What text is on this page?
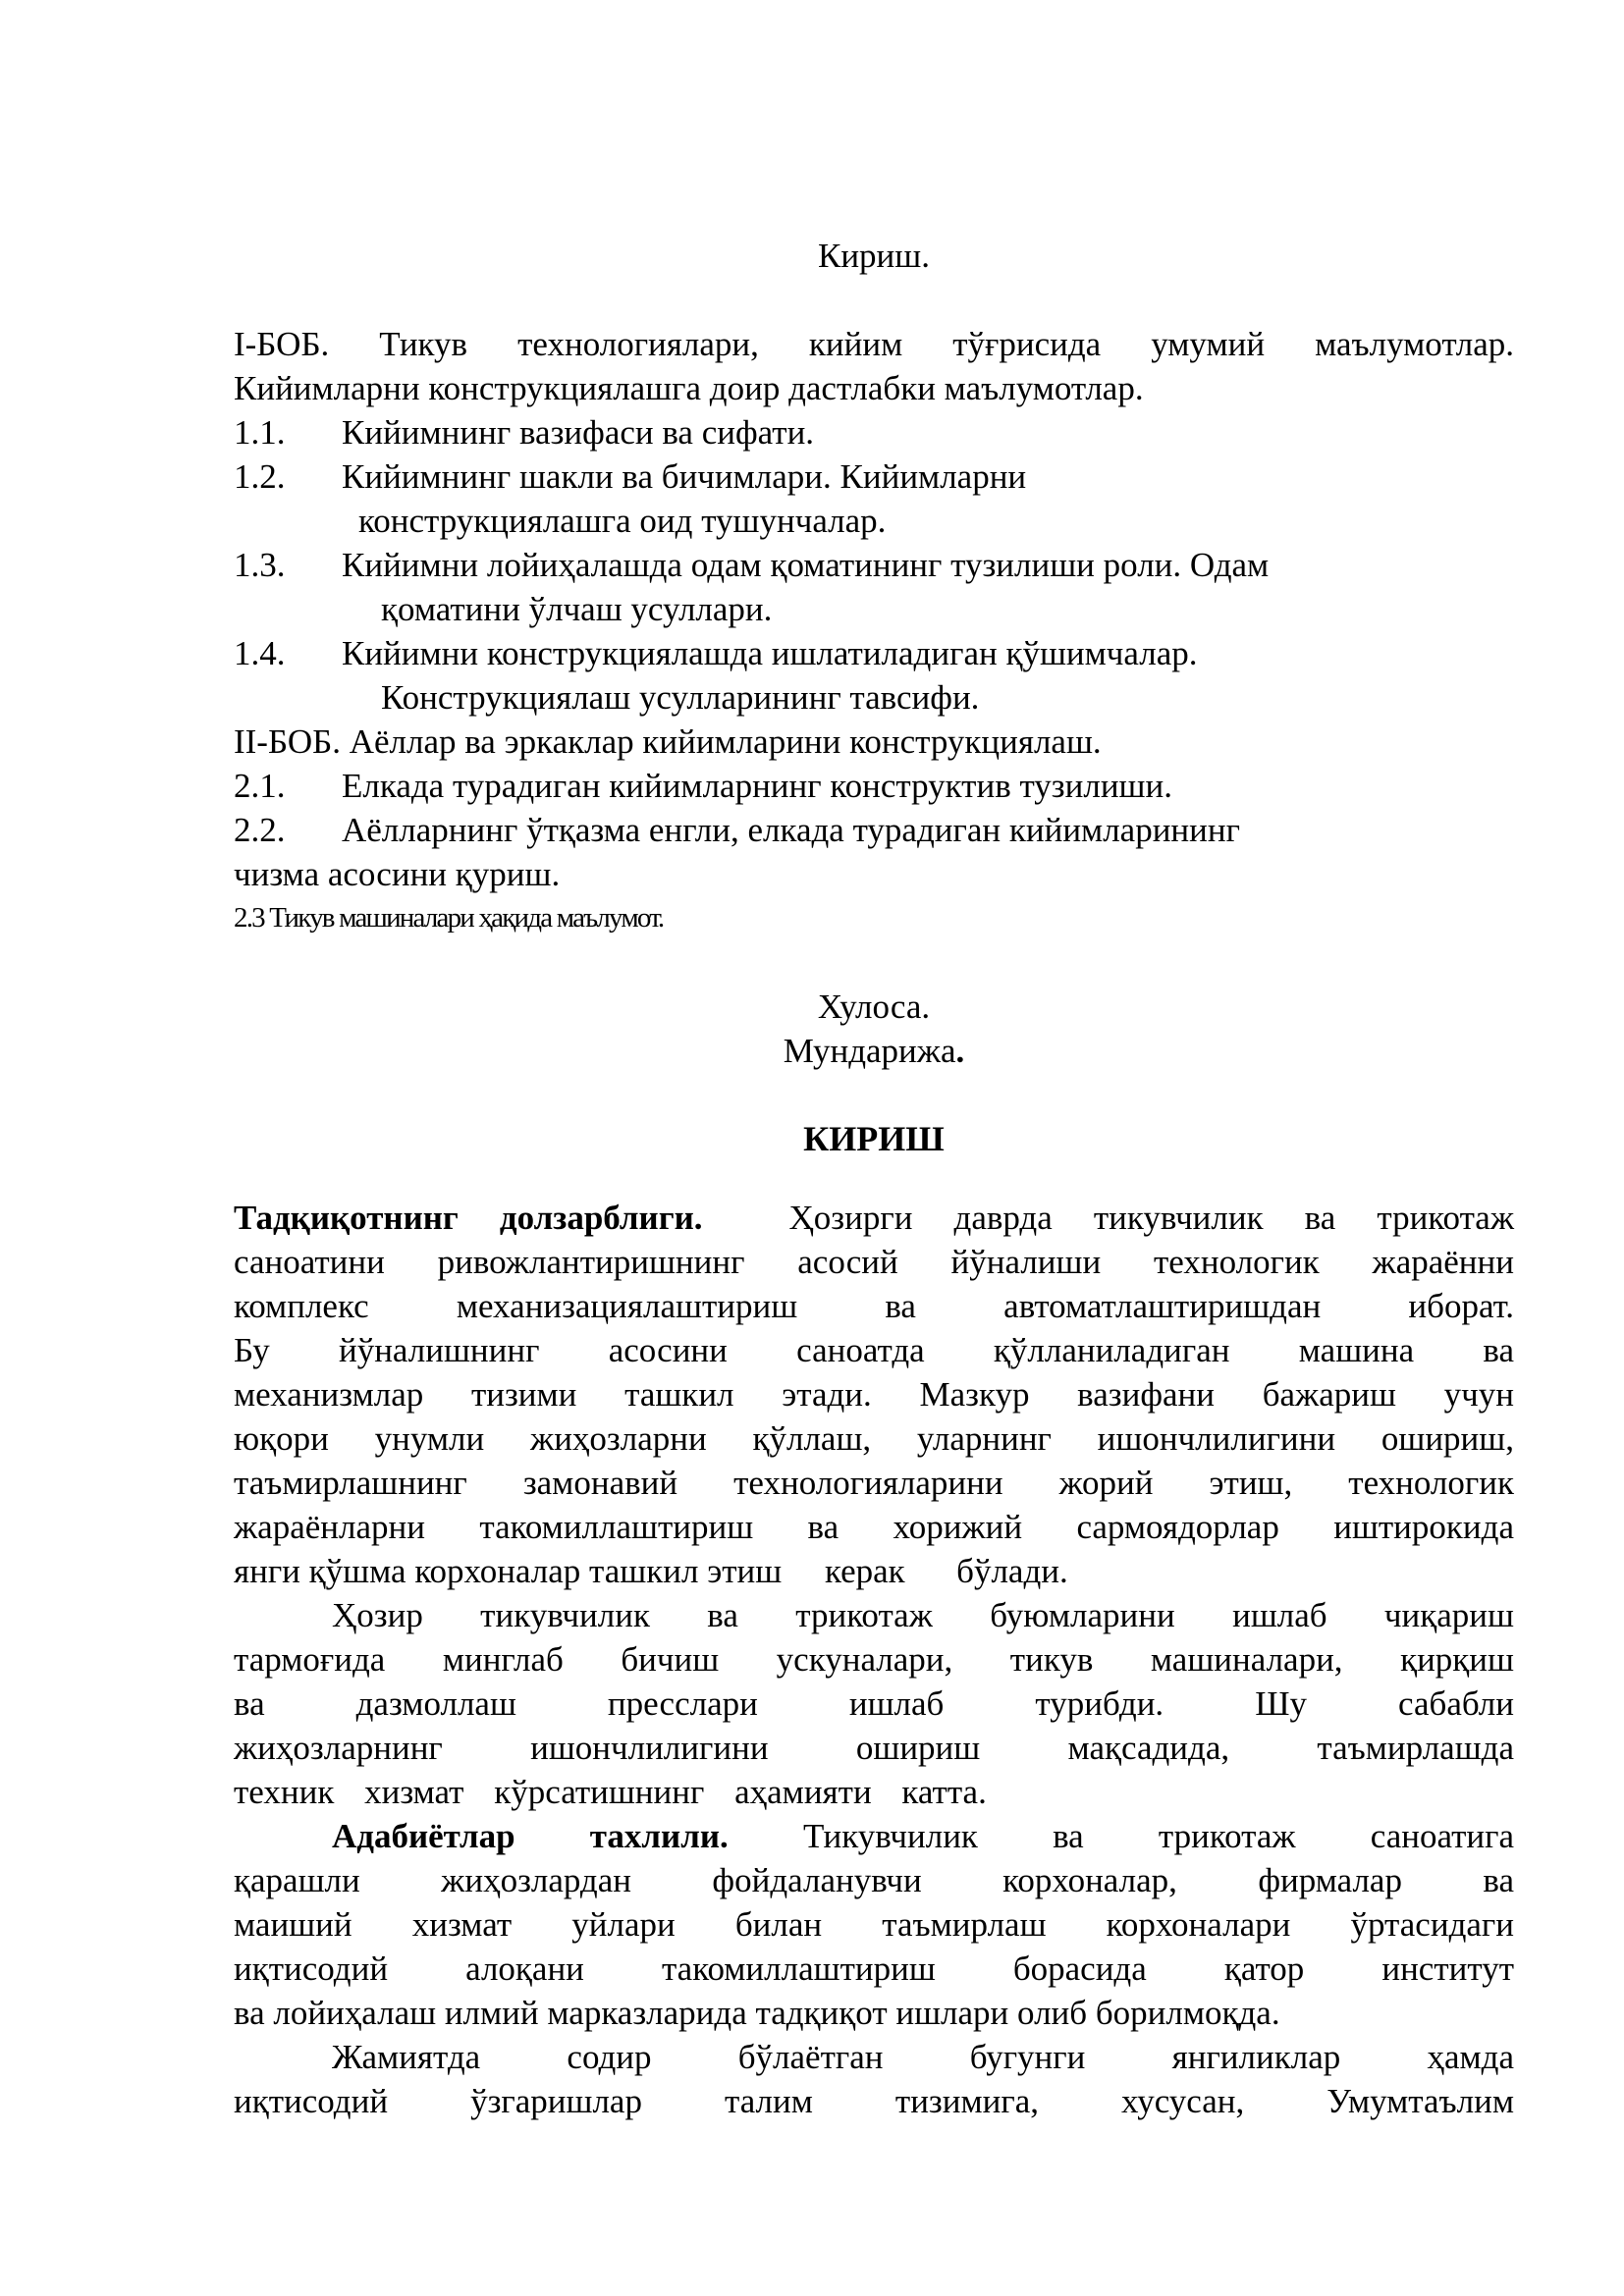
Кириш.
I-БОБ. Тикув технологиялари, кийим тўғрисида умумий маълумотлар.
Кийимларни конструкциялашга доир дастлабки маълумотлар.
1.1. Кийимнинг вазифаси ва сифати.
1.2. Кийимнинг шакли ва бичимлари. Кийимларни
конструкциялашга оид тушунчалар.
1.3. Кийимни лойиҳалашда одам қоматининг тузилиши роли. Одам
қоматини ўлчаш усуллари.
1.4. Кийимни конструкциялашда ишлатиладиган қўшимчалар.
Конструкциялаш усулларининг тавсифи.
II-БОБ. Аёллар ва эркаклар кийимларини конструкциялаш.
2.1. Елкада турадиган кийимларнинг конструктив тузилиши.
2.2. Аёлларнинг ўтқазма енгли, елкада турадиган кийимларининг
чизма асосини қуриш.
2.3 Тикув машиналари ҳақида маълумот.
Хулоса.
Мундарижа.
КИРИШ
Тадқиқотнинг долзарблиги.	Ҳозирги даврда тикувчилик ва трикотаж
саноатини ривожлантиришнинг асосий йўналиши технологик жараённи
комплекс механизациялаштириш ва автоматлаштиришдан иборат.
Бу йўналишнинг асосини саноатда қўлланиладиган машина ва
механизмлар тизими ташкил этади. Мазкур вазифани бажариш учун
юқори унумли жиҳозларни қўллаш, уларнинг ишончлилигини ошириш,
таъмирлашнинг замонавий технологияларини жорий этиш, технологик
жараёнларни такомиллаштириш ва хорижий сармоядорлар иштирокида
янги қўшма корхоналар ташкил этиш     керак      бўлади.
Ҳозир тикувчилик ва трикотаж буюмларини ишлаб чиқариш
тармоғида минглаб бичиш ускуналари, тикув машиналари, қирқиш
ва дазмоллаш пресслари ишлаб турибди. Шу сабабли
жиҳозларнинг ишончлилигини ошириш мақсадида, таъмирлашда
техник хизмат кўрсатишнинг аҳамияти катта.
Адабиётлар тахлили. Тикувчилик ва трикотаж саноатига
қарашли жиҳозлардан фойдаланувчи корхоналар, фирмалар ва
маиший хизмат уйлари билан таъмирлаш корхоналари ўртасидаги
иқтисодий алоқани такомиллаштириш борасида қатор институт
ва лойиҳалаш илмий марказларида тадқиқот ишлари олиб борилмоқда.
Жамиятда содир бўлаётган бугунги янгиликлар ҳамда
иқтисодий ўзгаришлар талим тизимига, хусусан, Умумтаълим
